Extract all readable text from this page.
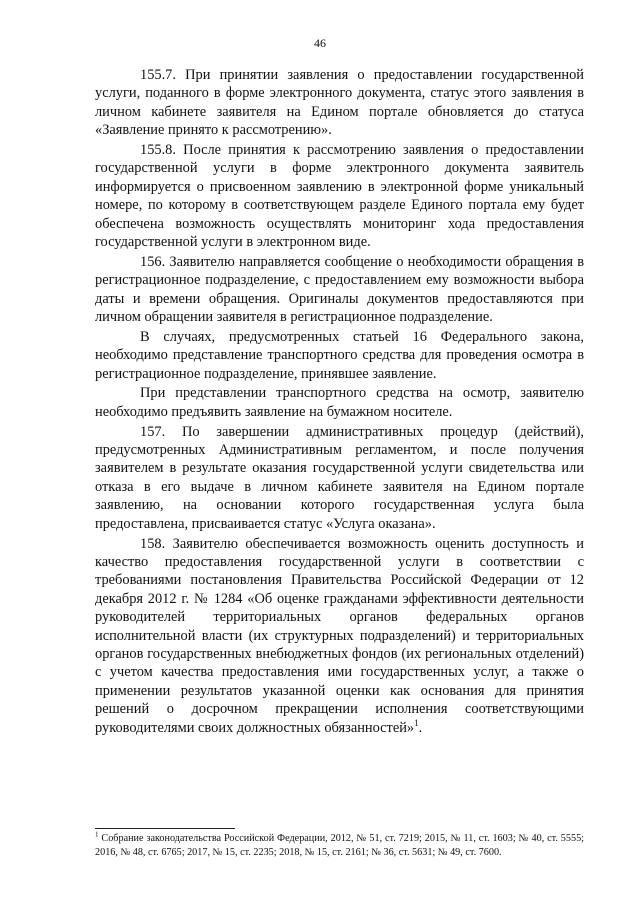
46

155.7. При принятии заявления о предоставлении государственной услуги, поданного в форме электронного документа, статус этого заявления в личном кабинете заявителя на Едином портале обновляется до статуса «Заявление принято к рассмотрению».

155.8. После принятия к рассмотрению заявления о предоставлении государственной услуги в форме электронного документа заявитель информируется о присвоенном заявлению в электронной форме уникальный номере, по которому в соответствующем разделе Единого портала ему будет обеспечена возможность осуществлять мониторинг хода предоставления государственной услуги в электронном виде.

156. Заявителю направляется сообщение о необходимости обращения в регистрационное подразделение, с предоставлением ему возможности выбора даты и времени обращения. Оригиналы документов предоставляются при личном обращении заявителя в регистрационное подразделение.

В случаях, предусмотренных статьей 16 Федерального закона, необходимо представление транспортного средства для проведения осмотра в регистрационное подразделение, принявшее заявление.

При представлении транспортного средства на осмотр, заявителю необходимо предъявить заявление на бумажном носителе.

157. По завершении административных процедур (действий), предусмотренных Административным регламентом, и после получения заявителем в результате оказания государственной услуги свидетельства или отказа в его выдаче в личном кабинете заявителя на Едином портале заявлению, на основании которого государственная услуга была предоставлена, присваивается статус «Услуга оказана».

158. Заявителю обеспечивается возможность оценить доступность и качество предоставления государственной услуги в соответствии с требованиями постановления Правительства Российской Федерации от 12 декабря 2012 г. № 1284 «Об оценке гражданами эффективности деятельности руководителей территориальных органов федеральных органов исполнительной власти (их структурных подразделений) и территориальных органов государственных внебюджетных фондов (их региональных отделений) с учетом качества предоставления ими государственных услуг, а также о применении результатов указанной оценки как основания для принятия решений о досрочном прекращении исполнения соответствующими руководителями своих должностных обязанностей»$^1$.

$^1$ Собрание законодательства Российской Федерации, 2012, № 51, ст. 7219; 2015, № 11, ст. 1603; № 40, ст. 5555; 2016, № 48, ст. 6765; 2017, № 15, ст. 2235; 2018, № 15, ст. 2161; № 36, ст. 5631; № 49, ст. 7600.
